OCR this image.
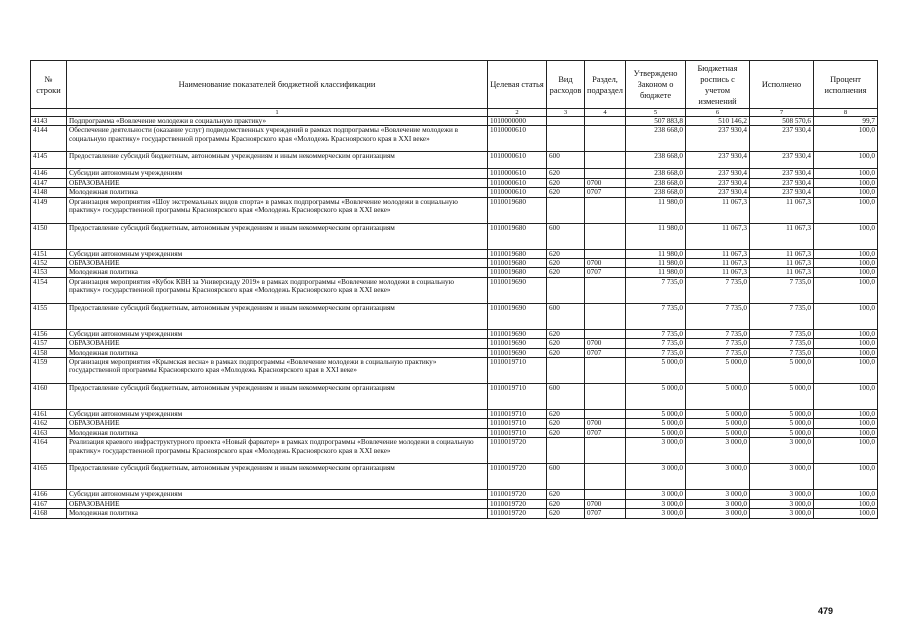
№ строки	Наименование показателей бюджетной классификации	Целевая статья	Вид расходов	Раздел, подраздел	Утверждено Законом о бюджете	Бюджетная роспись с учетом изменений	Исполнено	Процент исполнения
	1	2	3	4	5	6	7	8
4143	Подпрограмма «Вовлечение молодежи в социальную практику»	1010000000			507 883,8	510 146,2	508 570,6	99,7
4144	Обеспечение деятельности (оказание услуг) подведомственных учреждений в рамках подпрограммы «Вовлечение молодежи в социальную практику» государственной программы Красноярского края «Молодежь Красноярского края в XXI веке»	1010000610			238 668,0	237 930,4	237 930,4	100,0
4145	Предоставление субсидий бюджетным, автономным учреждениям и иным некоммерческим организациям	1010000610	600		238 668,0	237 930,4	237 930,4	100,0
4146	Субсидии автономным учреждениям	1010000610	620		238 668,0	237 930,4	237 930,4	100,0
4147	ОБРАЗОВАНИЕ	1010000610	620	0700	238 668,0	237 930,4	237 930,4	100,0
4148	Молодежная политика	1010000610	620	0707	238 668,0	237 930,4	237 930,4	100,0
4149	Организация мероприятия «Шоу экстремальных видов спорта» в рамках подпрограммы «Вовлечение молодежи в социальную практику» государственной программы Красноярского края «Молодежь Красноярского края в XXI веке»	1010019680			11 980,0	11 067,3	11 067,3	100,0
4150	Предоставление субсидий бюджетным, автономным учреждениям и иным некоммерческим организациям	1010019680	600		11 980,0	11 067,3	11 067,3	100,0
4151	Субсидии автономным учреждениям	1010019680	620		11 980,0	11 067,3	11 067,3	100,0
4152	ОБРАЗОВАНИЕ	1010019680	620	0700	11 980,0	11 067,3	11 067,3	100,0
4153	Молодежная политика	1010019680	620	0707	11 980,0	11 067,3	11 067,3	100,0
4154	Организация мероприятия «Кубок КВН за Универсиаду 2019» в рамках подпрограммы «Вовлечение молодежи в социальную практику» государственной программы Красноярского края «Молодежь Красноярского края в XXI веке»	1010019690			7 735,0	7 735,0	7 735,0	100,0
4155	Предоставление субсидий бюджетным, автономным учреждениям и иным некоммерческим организациям	1010019690	600		7 735,0	7 735,0	7 735,0	100,0
4156	Субсидии автономным учреждениям	1010019690	620		7 735,0	7 735,0	7 735,0	100,0
4157	ОБРАЗОВАНИЕ	1010019690	620	0700	7 735,0	7 735,0	7 735,0	100,0
4158	Молодежная политика	1010019690	620	0707	7 735,0	7 735,0	7 735,0	100,0
4159	Организация мероприятия «Крымская весна» в рамках подпрограммы «Вовлечение молодежи в социальную практику» государственной программы Красноярского края «Молодежь Красноярского края в XXI веке»	1010019710			5 000,0	5 000,0	5 000,0	100,0
4160	Предоставление субсидий бюджетным, автономным учреждениям и иным некоммерческим организациям	1010019710	600		5 000,0	5 000,0	5 000,0	100,0
4161	Субсидии автономным учреждениям	1010019710	620		5 000,0	5 000,0	5 000,0	100,0
4162	ОБРАЗОВАНИЕ	1010019710	620	0700	5 000,0	5 000,0	5 000,0	100,0
4163	Молодежная политика	1010019710	620	0707	5 000,0	5 000,0	5 000,0	100,0
4164	Реализация краевого инфраструктурного проекта «Новый фарватер» в рамках подпрограммы «Вовлечение молодежи в социальную практику» государственной программы Красноярского края «Молодежь Красноярского края в XXI веке»	1010019720			3 000,0	3 000,0	3 000,0	100,0
4165	Предоставление субсидий бюджетным, автономным учреждениям и иным некоммерческим организациям	1010019720	600		3 000,0	3 000,0	3 000,0	100,0
4166	Субсидии автономным учреждениям	1010019720	620		3 000,0	3 000,0	3 000,0	100,0
4167	ОБРАЗОВАНИЕ	1010019720	620	0700	3 000,0	3 000,0	3 000,0	100,0
4168	Молодежная политика	1010019720	620	0707	3 000,0	3 000,0	3 000,0	100,0
479
